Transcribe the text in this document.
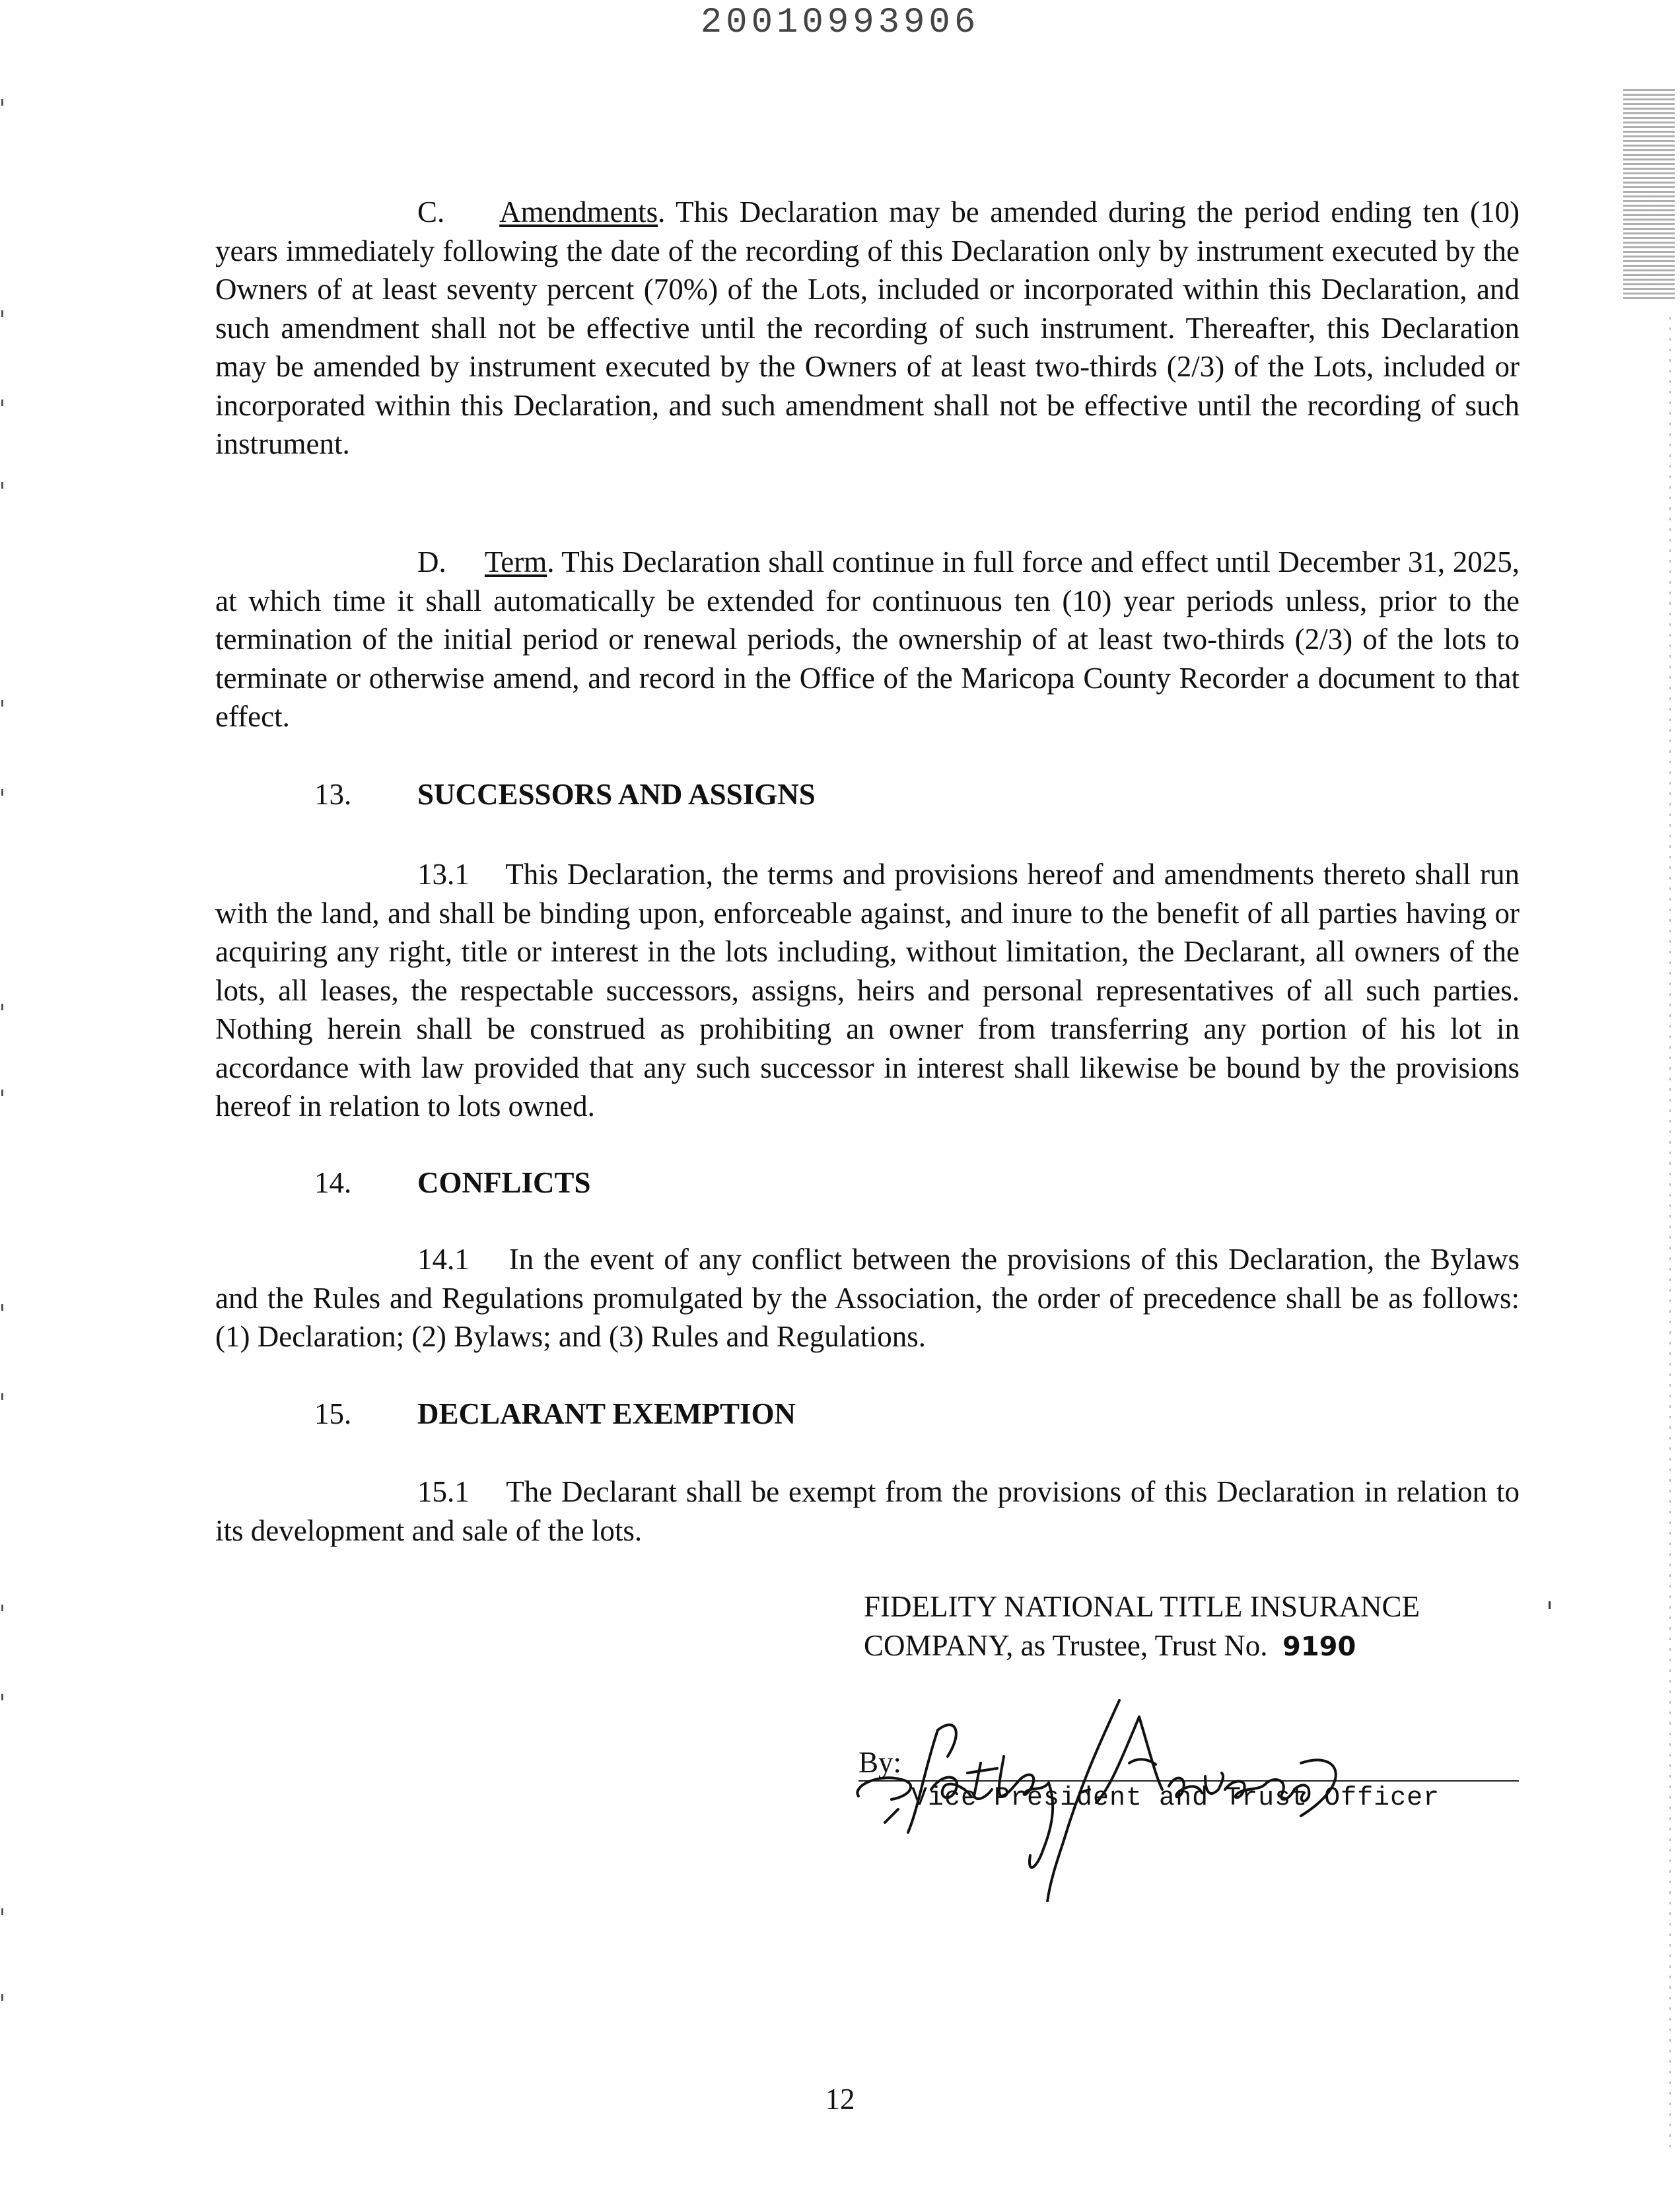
20010993906

C. Amendments. This Declaration may be amended during the period ending ten (10) years immediately following the date of the recording of this Declaration only by instrument executed by the Owners of at least seventy percent (70%) of the Lots, included or incorporated within this Declaration, and such amendment shall not be effective until the recording of such instrument. Thereafter, this Declaration may be amended by instrument executed by the Owners of at least two-thirds (2/3) of the Lots, included or incorporated within this Declaration, and such amendment shall not be effective until the recording of such instrument.

D. Term. This Declaration shall continue in full force and effect until December 31, 2025, at which time it shall automatically be extended for continuous ten (10) year periods unless, prior to the termination of the initial period or renewal periods, the ownership of at least two-thirds (2/3) of the lots to terminate or otherwise amend, and record in the Office of the Maricopa County Recorder a document to that effect.

13. SUCCESSORS AND ASSIGNS

13.1 This Declaration, the terms and provisions hereof and amendments thereto shall run with the land, and shall be binding upon, enforceable against, and inure to the benefit of all parties having or acquiring any right, title or interest in the lots including, without limitation, the Declarant, all owners of the lots, all leases, the respectable successors, assigns, heirs and personal representatives of all such parties. Nothing herein shall be construed as prohibiting an owner from transferring any portion of his lot in accordance with law provided that any such successor in interest shall likewise be bound by the provisions hereof in relation to lots owned.

14. CONFLICTS

14.1 In the event of any conflict between the provisions of this Declaration, the Bylaws and the Rules and Regulations promulgated by the Association, the order of precedence shall be as follows: (1) Declaration; (2) Bylaws; and (3) Rules and Regulations.

15. DECLARANT EXEMPTION

15.1 The Declarant shall be exempt from the provisions of this Declaration in relation to its development and sale of the lots.

FIDELITY NATIONAL TITLE INSURANCE
COMPANY, as Trustee, Trust No. 9190
By:
Vice President and Trust Officer
12
